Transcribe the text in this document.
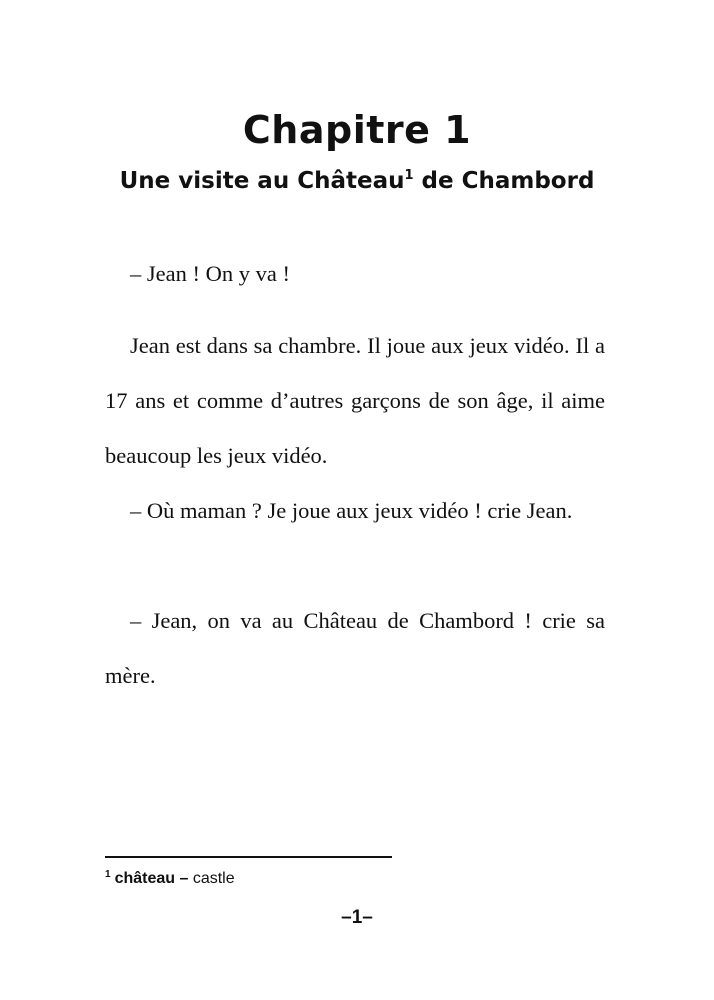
Chapitre 1
Une visite au Château$^1$ de Chambord

– Jean ! On y va !

Jean est dans sa chambre. Il joue aux jeux vidéo. Il a 17 ans et comme d’autres garçons de son âge, il aime beaucoup les jeux vidéo.

– Où maman ? Je joue aux jeux vidéo ! crie Jean.

– Jean, on va au Château de Chambord ! crie sa mère.

$^1$ château – castle
–1–
